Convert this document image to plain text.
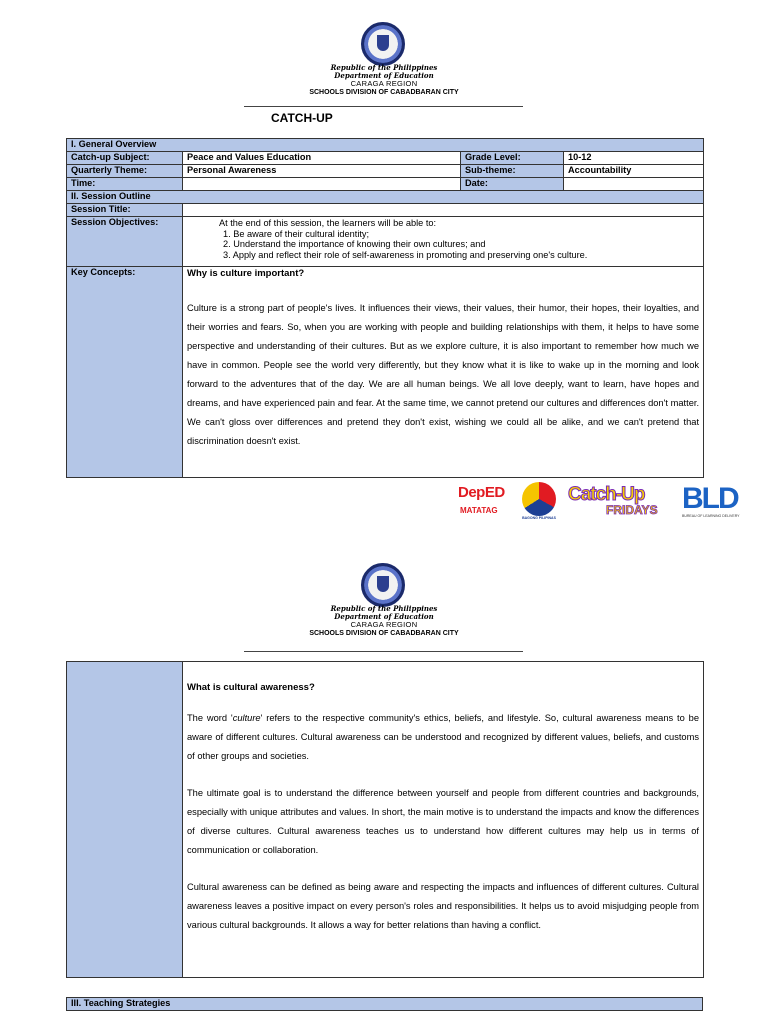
Republic of the Philippines
Department of Education
CARAGA REGION
SCHOOLS DIVISION OF CABADBARAN CITY
CATCH-UP
I. General Overview			
Catch-up Subject:	Peace and Values Education	Grade Level:	10-12
Quarterly Theme:	Personal Awareness	Sub-theme:	Accountability
Time:		Date:	
II. Session Outline			
Session Title:			
Session Objectives:	At the end of this session, the learners will be able to:
1. Be aware of their cultural identity;
2. Understand the importance of knowing their own cultures; and
3. Apply and reflect their role of self-awareness in promoting and preserving one's culture.		

Key Concepts:	Why is culture important?

Culture is a strong part of people's lives. It influences their views, their values, their humor, their hopes, their loyalties, and their worries and fears. So, when you are working with people and building relationships with them, it helps to have some perspective and understanding of their cultures. But as we explore culture, it is also important to remember how much we have in common. People see the world very differently, but they know what it is like to wake up in the morning and look forward to the adventures that of the day. We are all human beings. We all love deeply, want to learn, have hopes and dreams, and have experienced pain and fear. At the same time, we cannot pretend our cultures and differences don't matter. We can't gloss over differences and pretend they don't exist, wishing we could all be alike, and we can't pretend that discrimination doesn't exist.		

DepED
MATATAG
BAGONG PILIPINAS
Catch-Up
FRIDAYS BLD
BUREAU OF LEARNING DELIVERY
Republic of the Philippines
Department of Education
CARAGA REGION
SCHOOLS DIVISION OF CABADBARAN CITY

What is cultural awareness?

The word 'culture' refers to the respective community's ethics, beliefs, and lifestyle. So, cultural awareness means to be aware of different cultures. Cultural awareness can be understood and recognized by different values, beliefs, and customs of other groups and societies.

The ultimate goal is to understand the difference between yourself and people from different countries and backgrounds, especially with unique attributes and values. In short, the main motive is to understand the impacts and know the differences of diverse cultures. Cultural awareness teaches us to understand how different cultures may help us in terms of communication or collaboration.

Cultural awareness can be defined as being aware and respecting the impacts and influences of different cultures. Cultural awareness leaves a positive impact on every person's roles and responsibilities. It helps us to avoid misjudging people from various cultural backgrounds. It allows a way for better relations than having a conflict.

III. Teaching Strategies
